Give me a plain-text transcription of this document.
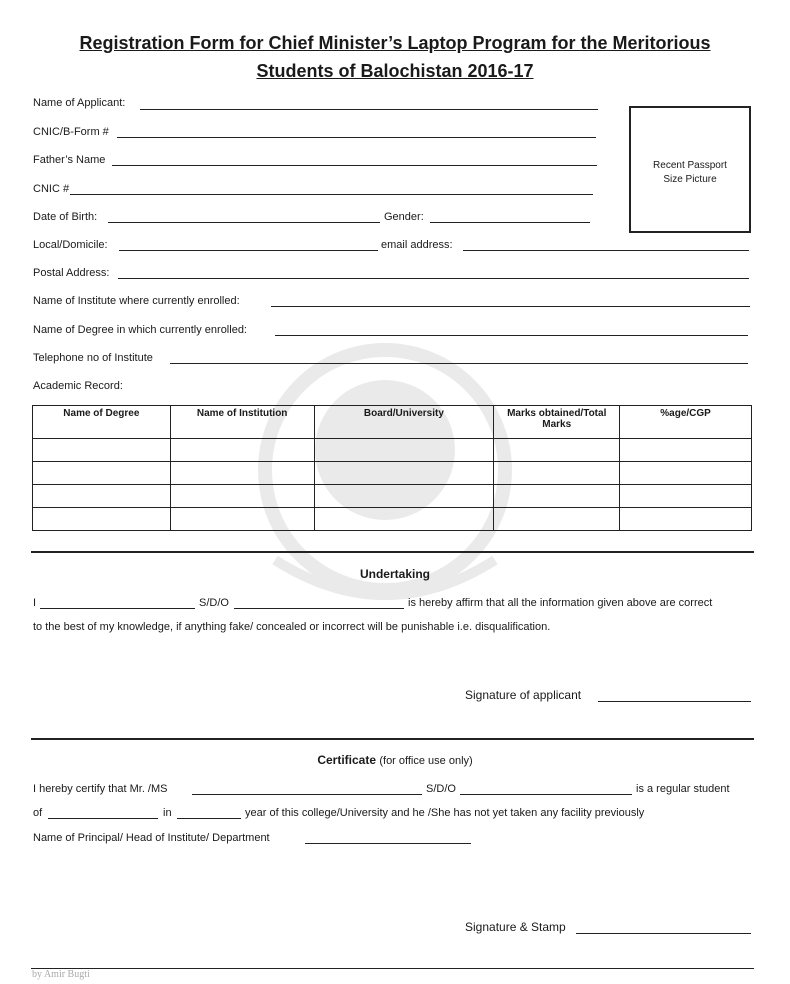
Registration Form for Chief Minister’s Laptop Program for the Meritorious
Students of Balochistan 2016-17
Name of Applicant:
CNIC/B-Form #
Father’s Name
CNIC #
Date of Birth:	Gender:
Recent Passport
Size Picture
Local/Domicile:	email address:
Postal Address:
Name of Institute where currently enrolled:
Name of Degree in which currently enrolled:
Telephone no of Institute
Academic Record:
Name of Degree	Name of Institution	Board/University	Marks obtained/Total Marks	%age/CGP

Undertaking
I	S/D/O	is hereby affirm that all the information given above are correct
to the best of my knowledge, if anything fake/ concealed or incorrect will be punishable i.e. disqualification.
Signature of applicant
Certificate (for office use only)
I hereby certify that Mr. /MS	S/D/O	is a regular student
of	in	year of this college/University and he /She has not yet taken any facility previously
Name of Principal/ Head of Institute/ Department
Signature & Stamp
by Amir Bugti
